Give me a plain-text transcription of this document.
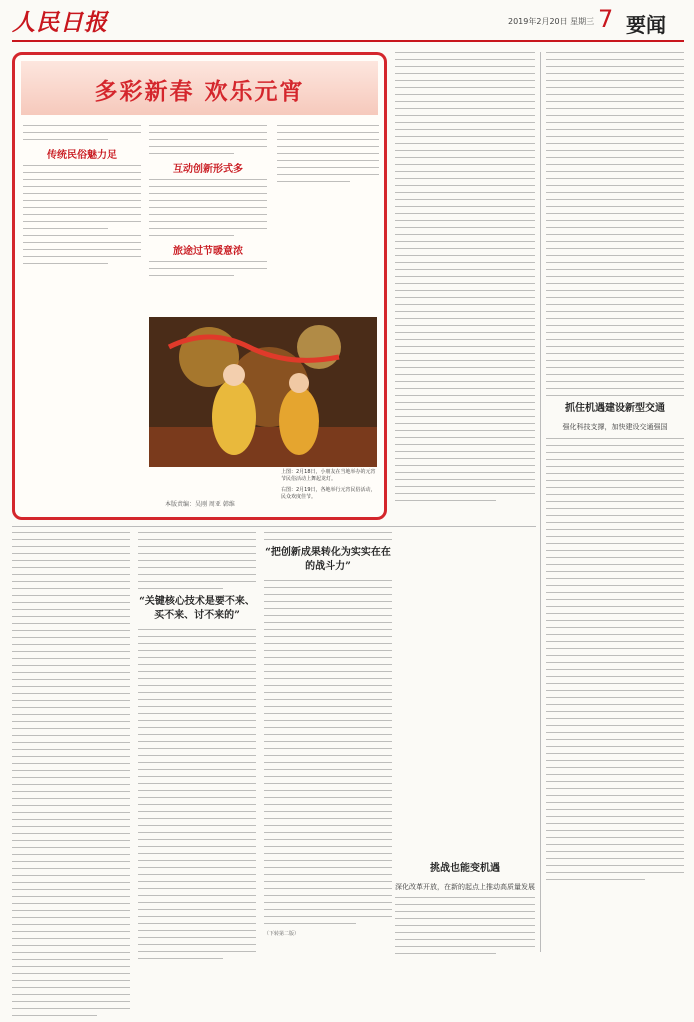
人民日报	2019年2月20日 星期三 7 要闻
多彩新春 欢乐元宵
传统民俗魅力足
互动创新形式多
旅途过节暖意浓
上图：2月18日，小朋友在当地举办的元宵节民俗活动上舞起龙灯。
右图：2月19日，各地举行元宵民俗活动，民众欢度佳节。
本版责编：吴刚 周亚 韩维
抓住机遇建设新型交通
强化科技支撑，加快建设交通强国
“关键核心技术是要不来、买不来、讨不来的”
“把创新成果转化为实实在在的战斗力”
（下转第二版）
挑战也能变机遇
深化改革开放，在新的起点上推动高质量发展
